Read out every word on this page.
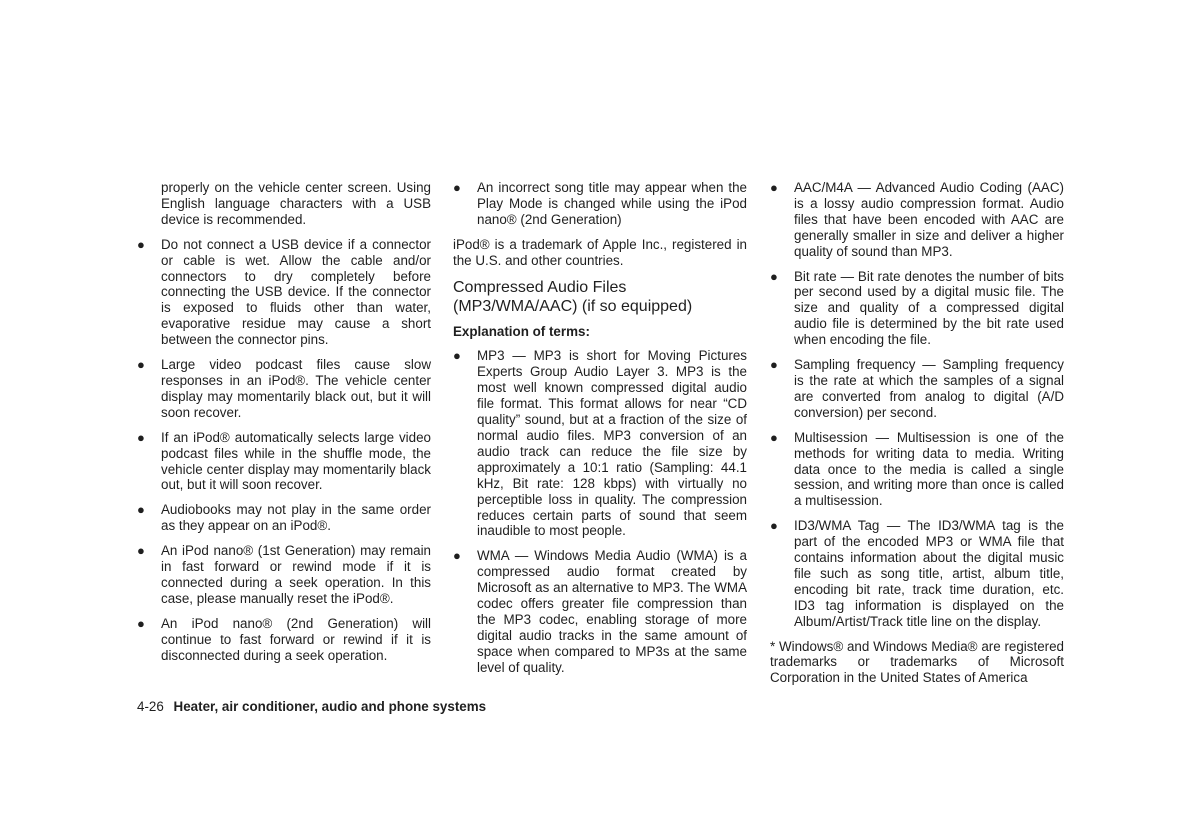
properly on the vehicle center screen. Using English language characters with a USB device is recommended.

●	Do not connect a USB device if a connector or cable is wet. Allow the cable and/or connectors to dry completely before connecting the USB device. If the connector is exposed to fluids other than water, evaporative residue may cause a short between the connector pins.
●	Large video podcast files cause slow responses in an iPod®. The vehicle center display may momentarily black out, but it will soon recover.
●	If an iPod® automatically selects large video podcast files while in the shuffle mode, the vehicle center display may momentarily black out, but it will soon recover.
●	Audiobooks may not play in the same order as they appear on an iPod®.
●	An iPod nano® (1st Generation) may remain in fast forward or rewind mode if it is connected during a seek operation. In this case, please manually reset the iPod®.
●	An iPod nano® (2nd Generation) will continue to fast forward or rewind if it is disconnected during a seek operation.
●	An incorrect song title may appear when the Play Mode is changed while using the iPod nano® (2nd Generation)

iPod® is a trademark of Apple Inc., registered in the U.S. and other countries.

Compressed Audio Files (MP3/WMA/AAC) (if so equipped)

Explanation of terms:

●	MP3 — MP3 is short for Moving Pictures Experts Group Audio Layer 3. MP3 is the most well known compressed digital audio file format. This format allows for near “CD quality” sound, but at a fraction of the size of normal audio files. MP3 conversion of an audio track can reduce the file size by approximately a 10:1 ratio (Sampling: 44.1 kHz, Bit rate: 128 kbps) with virtually no perceptible loss in quality. The compression reduces certain parts of sound that seem inaudible to most people.
●	WMA — Windows Media Audio (WMA) is a compressed audio format created by Microsoft as an alternative to MP3. The WMA codec offers greater file compression than the MP3 codec, enabling storage of more digital audio tracks in the same amount of space when compared to MP3s at the same level of quality.
●	AAC/M4A — Advanced Audio Coding (AAC) is a lossy audio compression format. Audio files that have been encoded with AAC are generally smaller in size and deliver a higher quality of sound than MP3.
●	Bit rate — Bit rate denotes the number of bits per second used by a digital music file. The size and quality of a compressed digital audio file is determined by the bit rate used when encoding the file.
●	Sampling frequency — Sampling frequency is the rate at which the samples of a signal are converted from analog to digital (A/D conversion) per second.
●	Multisession — Multisession is one of the methods for writing data to media. Writing data once to the media is called a single session, and writing more than once is called a multisession.
●	ID3/WMA Tag — The ID3/WMA tag is the part of the encoded MP3 or WMA file that contains information about the digital music file such as song title, artist, album title, encoding bit rate, track time duration, etc. ID3 tag information is displayed on the Album/Artist/Track title line on the display.

* Windows® and Windows Media® are registered trademarks or trademarks of Microsoft Corporation in the United States of America

4-26 Heater, air conditioner, audio and phone systems
